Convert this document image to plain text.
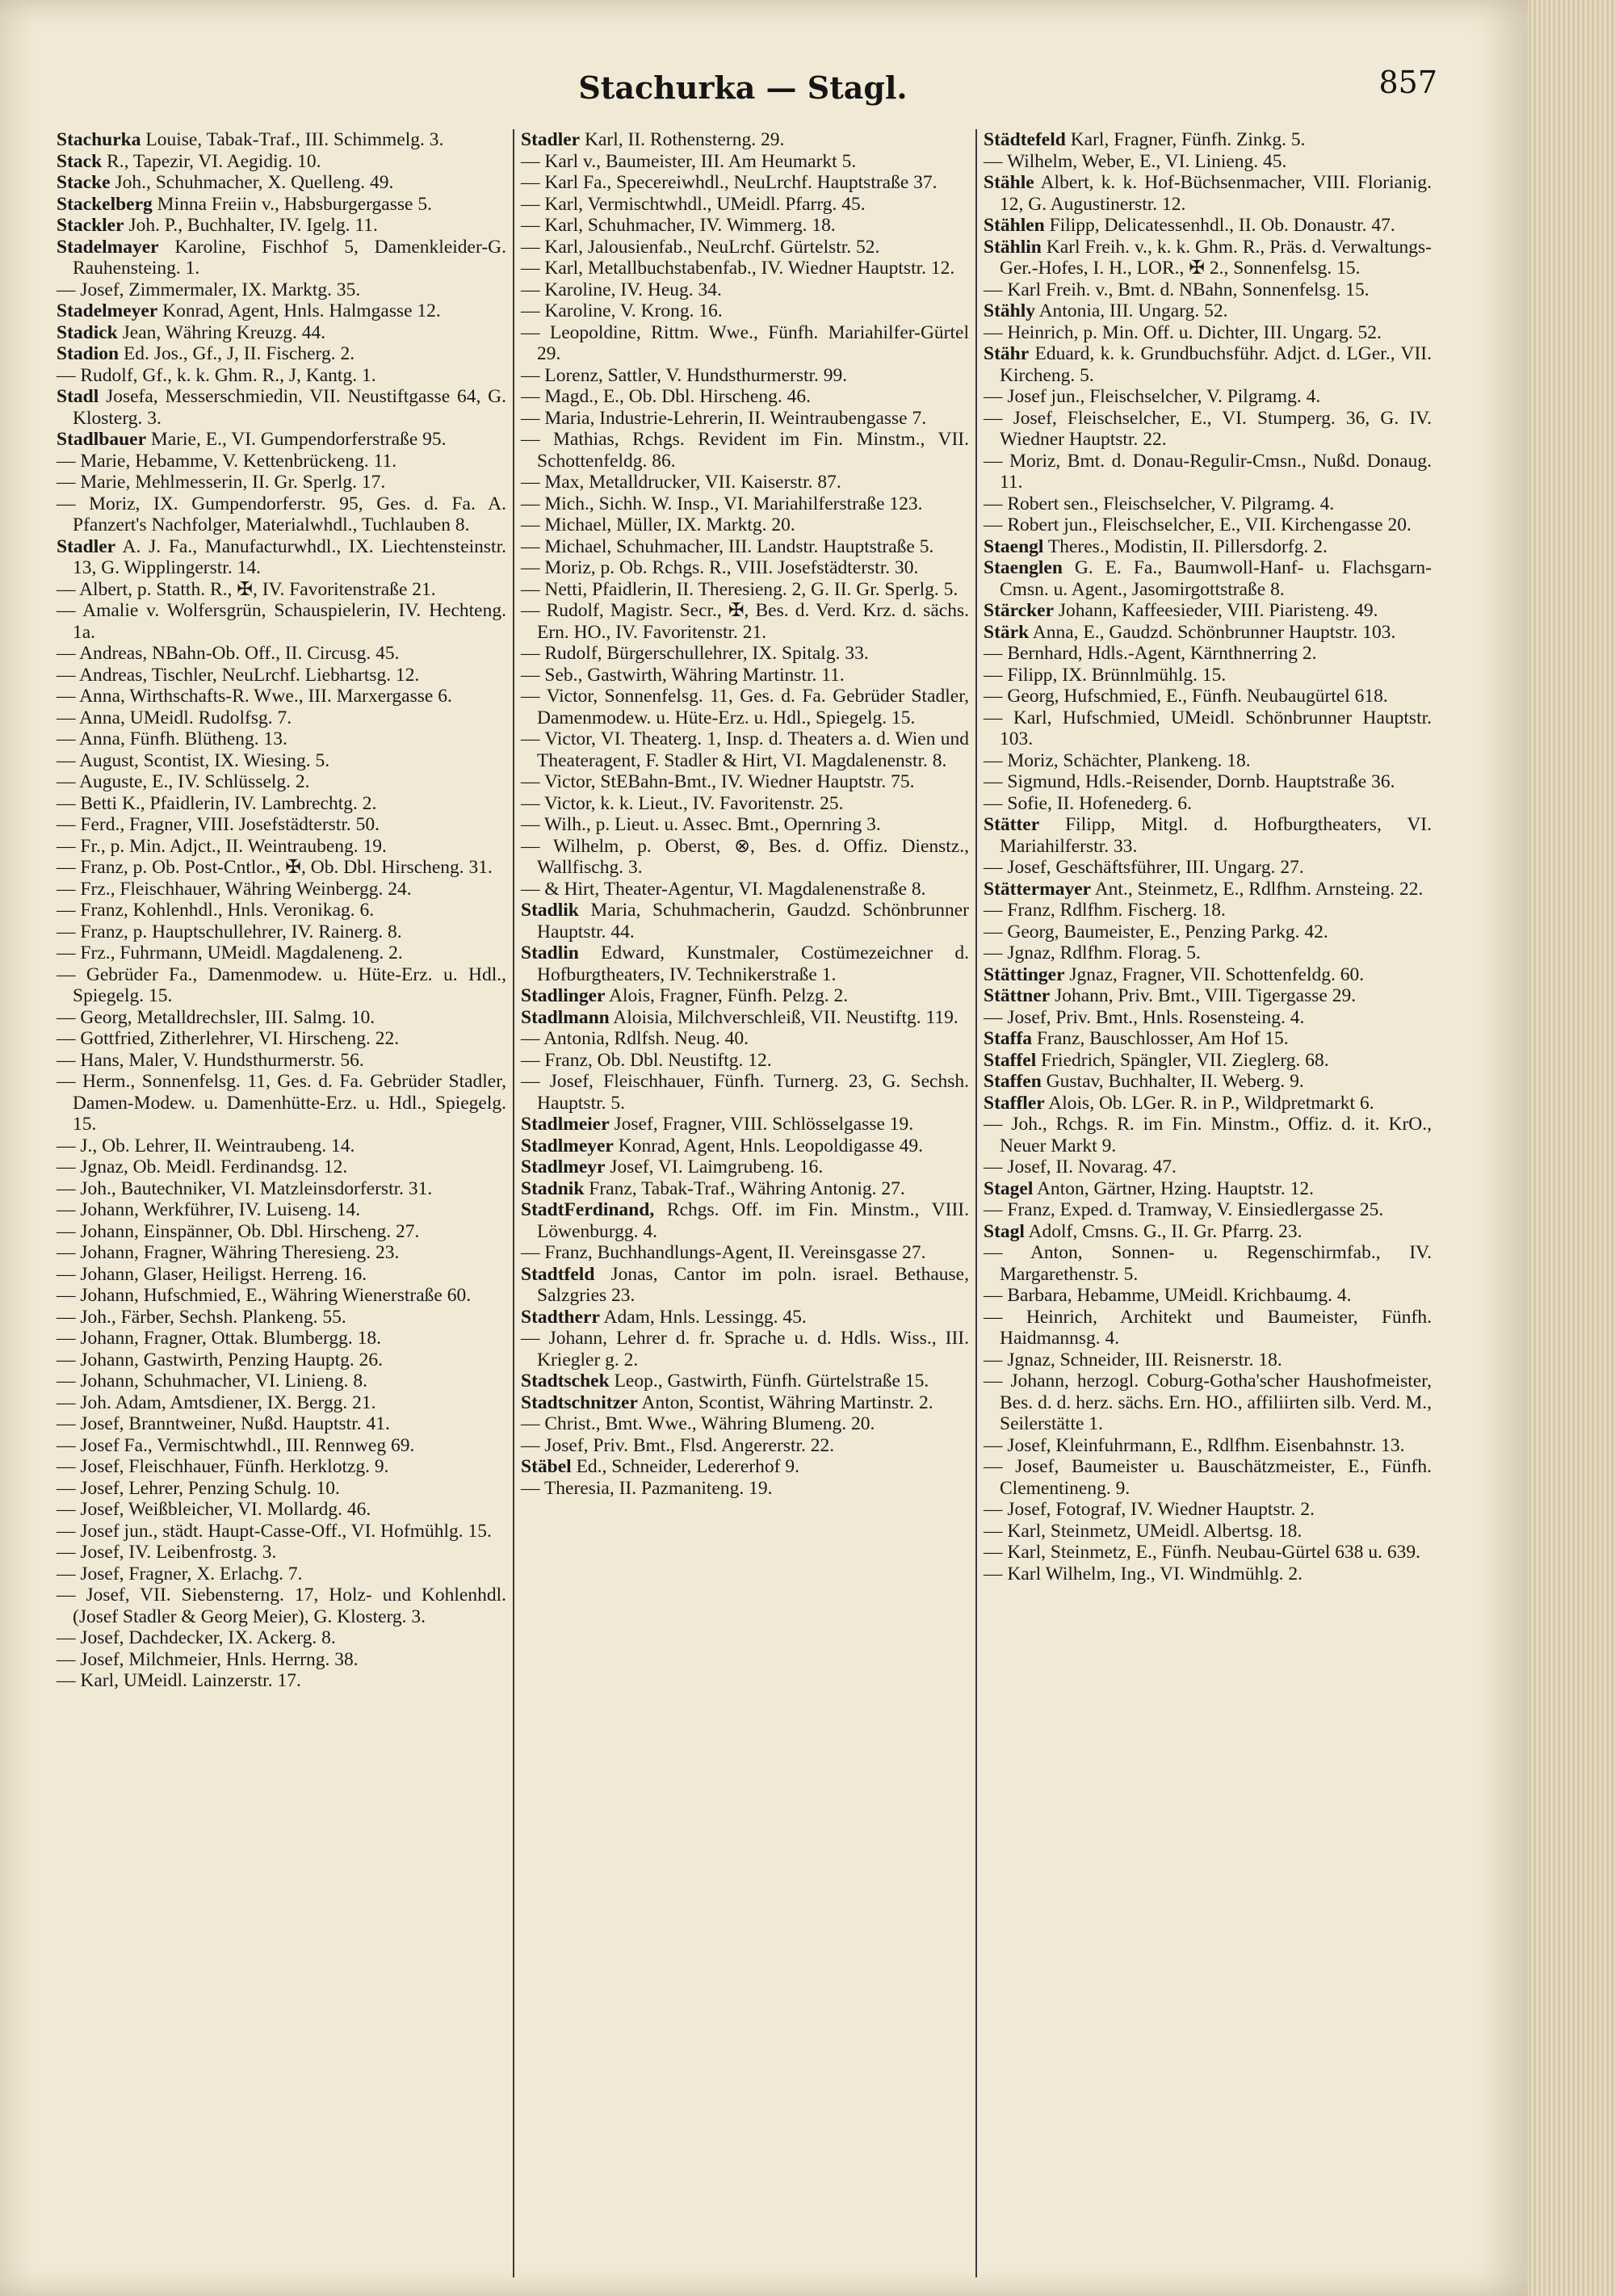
Stachurka — Stagl.	857

Stachurka Louise, Tabak-Traf., III. Schimmelg. 3.

Stack R., Tapezir, VI. Aegidig. 10.

Stacke Joh., Schuhmacher, X. Quelleng. 49.

Stackelberg Minna Freiin v., Habsburgergasse 5.

Stackler Joh. P., Buchhalter, IV. Igelg. 11.

Stadelmayer Karoline, Fischhof 5, Damenkleider-G. Rauhensteing. 1.

— Josef, Zimmermaler, IX. Marktg. 35.

Stadelmeyer Konrad, Agent, Hnls. Halmgasse 12.

Stadick Jean, Währing Kreuzg. 44.

Stadion Ed. Jos., Gf., J, II. Fischerg. 2.

— Rudolf, Gf., k. k. Ghm. R., J, Kantg. 1.

Stadl Josefa, Messerschmiedin, VII. Neustiftgasse 64, G. Klosterg. 3.

Stadlbauer Marie, E., VI. Gumpendorferstraße 95.

— Marie, Hebamme, V. Kettenbrückeng. 11.

— Marie, Mehlmesserin, II. Gr. Sperlg. 17.

— Moriz, IX. Gumpendorferstr. 95, Ges. d. Fa. A. Pfanzert's Nachfolger, Materialwhdl., Tuchlauben 8.

Stadler A. J. Fa., Manufacturwhdl., IX. Liechtensteinstr. 13, G. Wipplingerstr. 14.

— Albert, p. Statth. R., ✠, IV. Favoritenstraße 21.

— Amalie v. Wolfersgrün, Schauspielerin, IV. Hechteng. 1a.

— Andreas, NBahn-Ob. Off., II. Circusg. 45.

— Andreas, Tischler, NeuLrchf. Liebhartsg. 12.

— Anna, Wirthschafts-R. Wwe., III. Marxergasse 6.

— Anna, UMeidl. Rudolfsg. 7.

— Anna, Fünfh. Blütheng. 13.

— August, Scontist, IX. Wiesing. 5.

— Auguste, E., IV. Schlüsselg. 2.

— Betti K., Pfaidlerin, IV. Lambrechtg. 2.

— Ferd., Fragner, VIII. Josefstädterstr. 50.

— Fr., p. Min. Adjct., II. Weintraubeng. 19.

— Franz, p. Ob. Post-Cntlor., ✠, Ob. Dbl. Hirscheng. 31.

— Frz., Fleischhauer, Währing Weinbergg. 24.

— Franz, Kohlenhdl., Hnls. Veronikag. 6.

— Franz, p. Hauptschullehrer, IV. Rainerg. 8.

— Frz., Fuhrmann, UMeidl. Magdaleneng. 2.

— Gebrüder Fa., Damenmodew. u. Hüte-Erz. u. Hdl., Spiegelg. 15.

— Georg, Metalldrechsler, III. Salmg. 10.

— Gottfried, Zitherlehrer, VI. Hirscheng. 22.

— Hans, Maler, V. Hundsthurmerstr. 56.

— Herm., Sonnenfelsg. 11, Ges. d. Fa. Gebrüder Stadler, Damen-Modew. u. Damenhütte-Erz. u. Hdl., Spiegelg. 15.

— J., Ob. Lehrer, II. Weintraubeng. 14.

— Jgnaz, Ob. Meidl. Ferdinandsg. 12.

— Joh., Bautechniker, VI. Matzleinsdorferstr. 31.

— Johann, Werkführer, IV. Luiseng. 14.

— Johann, Einspänner, Ob. Dbl. Hirscheng. 27.

— Johann, Fragner, Währing Theresieng. 23.

— Johann, Glaser, Heiligst. Herreng. 16.

— Johann, Hufschmied, E., Währing Wienerstraße 60.

— Joh., Färber, Sechsh. Plankeng. 55.

— Johann, Fragner, Ottak. Blumbergg. 18.

— Johann, Gastwirth, Penzing Hauptg. 26.

— Johann, Schuhmacher, VI. Linieng. 8.

— Joh. Adam, Amtsdiener, IX. Bergg. 21.

— Josef, Branntweiner, Nußd. Hauptstr. 41.

— Josef Fa., Vermischtwhdl., III. Rennweg 69.

— Josef, Fleischhauer, Fünfh. Herklotzg. 9.

— Josef, Lehrer, Penzing Schulg. 10.

— Josef, Weißbleicher, VI. Mollardg. 46.

— Josef jun., städt. Haupt-Casse-Off., VI. Hofmühlg. 15.

— Josef, IV. Leibenfrostg. 3.

— Josef, Fragner, X. Erlachg. 7.

— Josef, VII. Siebensterng. 17, Holz- und Kohlenhdl. (Josef Stadler & Georg Meier), G. Klosterg. 3.

— Josef, Dachdecker, IX. Ackerg. 8.

— Josef, Milchmeier, Hnls. Herrng. 38.

— Karl, UMeidl. Lainzerstr. 17.

Stadler Karl, II. Rothensterng. 29.

— Karl v., Baumeister, III. Am Heumarkt 5.

— Karl Fa., Specereiwhdl., NeuLrchf. Hauptstraße 37.

— Karl, Vermischtwhdl., UMeidl. Pfarrg. 45.

— Karl, Schuhmacher, IV. Wimmerg. 18.

— Karl, Jalousienfab., NeuLrchf. Gürtelstr. 52.

— Karl, Metallbuchstabenfab., IV. Wiedner Hauptstr. 12.

— Karoline, IV. Heug. 34.

— Karoline, V. Krong. 16.

— Leopoldine, Rittm. Wwe., Fünfh. Mariahilfer-Gürtel 29.

— Lorenz, Sattler, V. Hundsthurmerstr. 99.

— Magd., E., Ob. Dbl. Hirscheng. 46.

— Maria, Industrie-Lehrerin, II. Weintraubengasse 7.

— Mathias, Rchgs. Revident im Fin. Minstm., VII. Schottenfeldg. 86.

— Max, Metalldrucker, VII. Kaiserstr. 87.

— Mich., Sichh. W. Insp., VI. Mariahilferstraße 123.

— Michael, Müller, IX. Marktg. 20.

— Michael, Schuhmacher, III. Landstr. Hauptstraße 5.

— Moriz, p. Ob. Rchgs. R., VIII. Josefstädterstr. 30.

— Netti, Pfaidlerin, II. Theresieng. 2, G. II. Gr. Sperlg. 5.

— Rudolf, Magistr. Secr., ✠, Bes. d. Verd. Krz. d. sächs. Ern. HO., IV. Favoritenstr. 21.

— Rudolf, Bürgerschullehrer, IX. Spitalg. 33.

— Seb., Gastwirth, Währing Martinstr. 11.

— Victor, Sonnenfelsg. 11, Ges. d. Fa. Gebrüder Stadler, Damenmodew. u. Hüte-Erz. u. Hdl., Spiegelg. 15.

— Victor, VI. Theaterg. 1, Insp. d. Theaters a. d. Wien und Theateragent, F. Stadler & Hirt, VI. Magdalenenstr. 8.

— Victor, StEBahn-Bmt., IV. Wiedner Hauptstr. 75.

— Victor, k. k. Lieut., IV. Favoritenstr. 25.

— Wilh., p. Lieut. u. Assec. Bmt., Opernring 3.

— Wilhelm, p. Oberst, ⊗, Bes. d. Offiz. Dienstz., Wallfischg. 3.

— & Hirt, Theater-Agentur, VI. Magdalenenstraße 8.

Stadlik Maria, Schuhmacherin, Gaudzd. Schönbrunner Hauptstr. 44.

Stadlin Edward, Kunstmaler, Costümezeichner d. Hofburgtheaters, IV. Technikerstraße 1.

Stadlinger Alois, Fragner, Fünfh. Pelzg. 2.

Stadlmann Aloisia, Milchverschleiß, VII. Neustiftg. 119.

— Antonia, Rdlfsh. Neug. 40.

— Franz, Ob. Dbl. Neustiftg. 12.

— Josef, Fleischhauer, Fünfh. Turnerg. 23, G. Sechsh. Hauptstr. 5.

Stadlmeier Josef, Fragner, VIII. Schlösselgasse 19.

Stadlmeyer Konrad, Agent, Hnls. Leopoldigasse 49.

Stadlmeyr Josef, VI. Laimgrubeng. 16.

Stadnik Franz, Tabak-Traf., Währing Antonig. 27.

StadtFerdinand, Rchgs. Off. im Fin. Minstm., VIII. Löwenburgg. 4.

— Franz, Buchhandlungs-Agent, II. Vereinsgasse 27.

Stadtfeld Jonas, Cantor im poln. israel. Bethause, Salzgries 23.

Stadtherr Adam, Hnls. Lessingg. 45.

— Johann, Lehrer d. fr. Sprache u. d. Hdls. Wiss., III. Kriegler g. 2.

Stadtschek Leop., Gastwirth, Fünfh. Gürtelstraße 15.

Stadtschnitzer Anton, Scontist, Währing Martinstr. 2.

— Christ., Bmt. Wwe., Währing Blumeng. 20.

— Josef, Priv. Bmt., Flsd. Angererstr. 22.

Stäbel Ed., Schneider, Ledererhof 9.

— Theresia, II. Pazmaniteng. 19.

Städtefeld Karl, Fragner, Fünfh. Zinkg. 5.

— Wilhelm, Weber, E., VI. Linieng. 45.

Stähle Albert, k. k. Hof-Büchsenmacher, VIII. Florianig. 12, G. Augustinerstr. 12.

Stählen Filipp, Delicatessenhdl., II. Ob. Donaustr. 47.

Stählin Karl Freih. v., k. k. Ghm. R., Präs. d. Verwaltungs-Ger.-Hofes, I. H., LOR., ✠ 2., Sonnenfelsg. 15.

— Karl Freih. v., Bmt. d. NBahn, Sonnenfelsg. 15.

Stähly Antonia, III. Ungarg. 52.

— Heinrich, p. Min. Off. u. Dichter, III. Ungarg. 52.

Stähr Eduard, k. k. Grundbuchsführ. Adjct. d. LGer., VII. Kircheng. 5.

— Josef jun., Fleischselcher, V. Pilgramg. 4.

— Josef, Fleischselcher, E., VI. Stumperg. 36, G. IV. Wiedner Hauptstr. 22.

— Moriz, Bmt. d. Donau-Regulir-Cmsn., Nußd. Donaug. 11.

— Robert sen., Fleischselcher, V. Pilgramg. 4.

— Robert jun., Fleischselcher, E., VII. Kirchengasse 20.

Staengl Theres., Modistin, II. Pillersdorfg. 2.

Staenglen G. E. Fa., Baumwoll-Hanf- u. Flachsgarn-Cmsn. u. Agent., Jasomirgottstraße 8.

Stärcker Johann, Kaffeesieder, VIII. Piaristeng. 49.

Stärk Anna, E., Gaudzd. Schönbrunner Hauptstr. 103.

— Bernhard, Hdls.-Agent, Kärnthnerring 2.

— Filipp, IX. Brünnlmühlg. 15.

— Georg, Hufschmied, E., Fünfh. Neubaugürtel 618.

— Karl, Hufschmied, UMeidl. Schönbrunner Hauptstr. 103.

— Moriz, Schächter, Plankeng. 18.

— Sigmund, Hdls.-Reisender, Dornb. Hauptstraße 36.

— Sofie, II. Hofenederg. 6.

Stätter Filipp, Mitgl. d. Hofburgtheaters, VI. Mariahilferstr. 33.

— Josef, Geschäftsführer, III. Ungarg. 27.

Stättermayer Ant., Steinmetz, E., Rdlfhm. Arnsteing. 22.

— Franz, Rdlfhm. Fischerg. 18.

— Georg, Baumeister, E., Penzing Parkg. 42.

— Jgnaz, Rdlfhm. Florag. 5.

Stättinger Jgnaz, Fragner, VII. Schottenfeldg. 60.

Stättner Johann, Priv. Bmt., VIII. Tigergasse 29.

— Josef, Priv. Bmt., Hnls. Rosensteing. 4.

Staffa Franz, Bauschlosser, Am Hof 15.

Staffel Friedrich, Spängler, VII. Zieglerg. 68.

Staffen Gustav, Buchhalter, II. Weberg. 9.

Staffler Alois, Ob. LGer. R. in P., Wildpretmarkt 6.

— Joh., Rchgs. R. im Fin. Minstm., Offiz. d. it. KrO., Neuer Markt 9.

— Josef, II. Novarag. 47.

Stagel Anton, Gärtner, Hzing. Hauptstr. 12.

— Franz, Exped. d. Tramway, V. Einsiedlergasse 25.

Stagl Adolf, Cmsns. G., II. Gr. Pfarrg. 23.

— Anton, Sonnen- u. Regenschirmfab., IV. Margarethenstr. 5.

— Barbara, Hebamme, UMeidl. Krichbaumg. 4.

— Heinrich, Architekt und Baumeister, Fünfh. Haidmannsg. 4.

— Jgnaz, Schneider, III. Reisnerstr. 18.

— Johann, herzogl. Coburg-Gotha'scher Haushofmeister, Bes. d. d. herz. sächs. Ern. HO., affiliirten silb. Verd. M., Seilerstätte 1.

— Josef, Kleinfuhrmann, E., Rdlfhm. Eisenbahnstr. 13.

— Josef, Baumeister u. Bauschätzmeister, E., Fünfh. Clementineng. 9.

— Josef, Fotograf, IV. Wiedner Hauptstr. 2.

— Karl, Steinmetz, UMeidl. Albertsg. 18.

— Karl, Steinmetz, E., Fünfh. Neubau-Gürtel 638 u. 639.

— Karl Wilhelm, Ing., VI. Windmühlg. 2.
